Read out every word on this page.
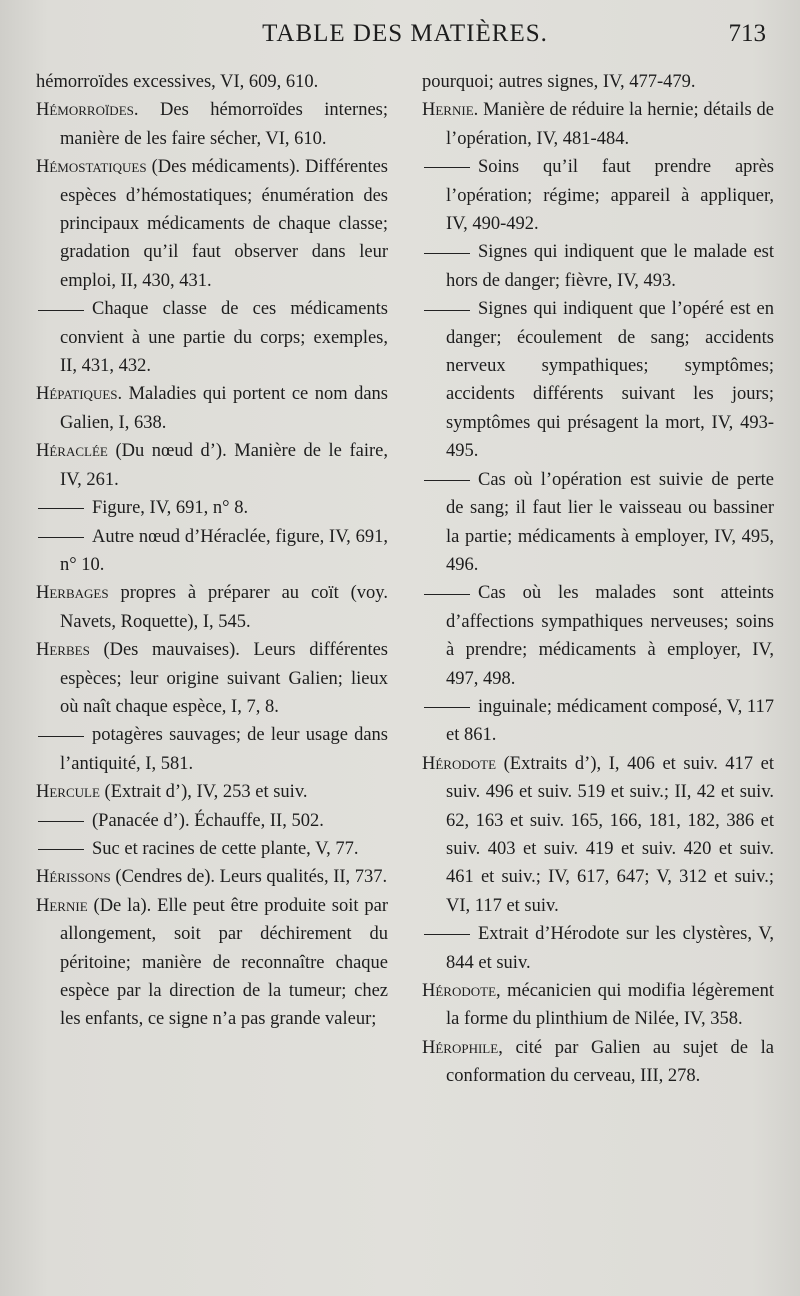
TABLE DES MATIÈRES.	713

hémorroïdes excessives, VI, 609, 610.

Hémorroïdes. Des hémorroïdes internes; manière de les faire sécher, VI, 610.

Hémostatiques (Des médicaments). Différentes espèces d’hémostatiques; énumération des principaux médicaments de chaque classe; gradation qu’il faut observer dans leur emploi, II, 430, 431.

Chaque classe de ces médicaments convient à une partie du corps; exemples, II, 431, 432.

Hépatiques. Maladies qui portent ce nom dans Galien, I, 638.

Héraclée (Du nœud d’). Manière de le faire, IV, 261.

Figure, IV, 691, n° 8.

Autre nœud d’Héraclée, figure, IV, 691, n° 10.

Herbages propres à préparer au coït (voy. Navets, Roquette), I, 545.

Herbes (Des mauvaises). Leurs différentes espèces; leur origine suivant Galien; lieux où naît chaque espèce, I, 7, 8.

potagères sauvages; de leur usage dans l’antiquité, I, 581.

Hercule (Extrait d’), IV, 253 et suiv.

(Panacée d’). Échauffe, II, 502.

Suc et racines de cette plante, V, 77.

Hérissons (Cendres de). Leurs qualités, II, 737.

Hernie (De la). Elle peut être produite soit par allongement, soit par déchirement du péritoine; manière de reconnaître chaque espèce par la direction de la tumeur; chez les enfants, ce signe n’a pas grande valeur;

pourquoi; autres signes, IV, 477-479.

Hernie. Manière de réduire la hernie; détails de l’opération, IV, 481-484.

Soins qu’il faut prendre après l’opération; régime; appareil à appliquer, IV, 490-492.

Signes qui indiquent que le malade est hors de danger; fièvre, IV, 493.

Signes qui indiquent que l’opéré est en danger; écoulement de sang; accidents nerveux sympathiques; symptômes; accidents différents suivant les jours; symptômes qui présagent la mort, IV, 493-495.

Cas où l’opération est suivie de perte de sang; il faut lier le vaisseau ou bassiner la partie; médicaments à employer, IV, 495, 496.

Cas où les malades sont atteints d’affections sympathiques nerveuses; soins à prendre; médicaments à employer, IV, 497, 498.

inguinale; médicament composé, V, 117 et 861.

Hérodote (Extraits d’), I, 406 et suiv. 417 et suiv. 496 et suiv. 519 et suiv.; II, 42 et suiv. 62, 163 et suiv. 165, 166, 181, 182, 386 et suiv. 403 et suiv. 419 et suiv. 420 et suiv. 461 et suiv.; IV, 617, 647; V, 312 et suiv.; VI, 117 et suiv.

Extrait d’Hérodote sur les clystères, V, 844 et suiv.

Hérodote, mécanicien qui modifia légèrement la forme du plinthium de Nilée, IV, 358.

Hérophile, cité par Galien au sujet de la conformation du cerveau, III, 278.
